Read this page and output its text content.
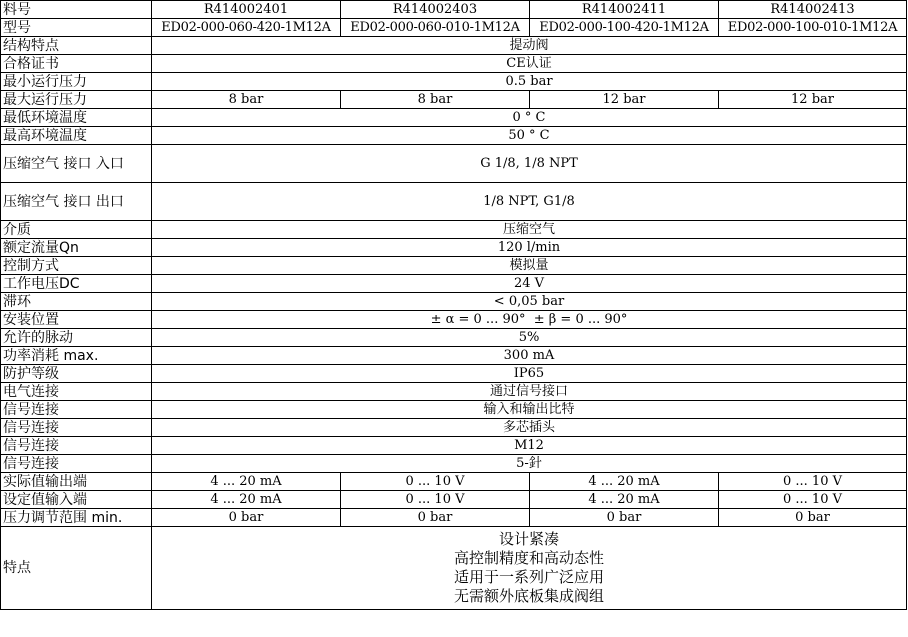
料号	R414002401	R414002403	R414002411	R414002413
型号	ED02-000-060-420-1M12A	ED02-000-060-010-1M12A	ED02-000-100-420-1M12A	ED02-000-100-010-1M12A
结构特点	提动阀			
合格证书	CE认证			
最小运行压力	0.5 bar			
最大运行压力	8 bar	8 bar	12 bar	12 bar
最低环境温度	0 ° C			
最高环境温度	50 ° C			
压缩空气 接口 入口	G 1/8, 1/8 NPT			
压缩空气 接口 出口	1/8 NPT, G1/8			
介质	压缩空气			
额定流量Qn	120 l/min			
控制方式	模拟量			
工作电压DC	24 V			
滞环	< 0,05 bar			
安装位置	± α = 0 ... 90°  ± β = 0 ... 90°			
允许的脉动	5%			
功率消耗 max.	300 mA			
防护等级	IP65			
电气连接	通过信号接口			
信号连接	输入和输出比特			
信号连接	多芯插头			
信号连接	M12			
信号连接	5-針			
实际值输出端	4 ... 20 mA	0 ... 10 V	4 ... 20 mA	0 ... 10 V
设定值输入端	4 ... 20 mA	0 ... 10 V	4 ... 20 mA	0 ... 10 V
压力调节范围 min.	0 bar	0 bar	0 bar	0 bar
特点	设计紧凑
高控制精度和高动态性
适用于一系列广泛应用
无需额外底板集成阀组			
